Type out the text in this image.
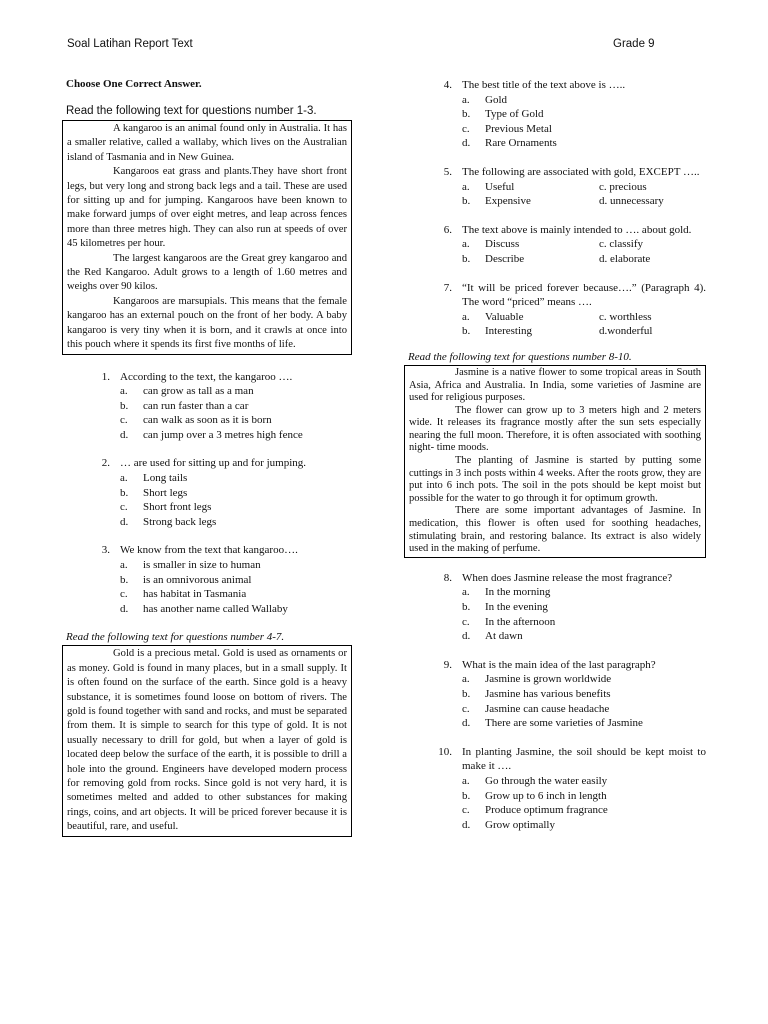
Soal Latihan Report Text	Grade 9
Choose One Correct Answer.
Read the following text for questions number 1-3.

A kangaroo is an animal found only in Australia. It has a smaller relative, called a wallaby, which lives on the Australian island of Tasmania and in New Guinea.

Kangaroos eat grass and plants.They have short front legs, but very long and strong back legs and a tail. These are used for sitting up and for jumping. Kangaroos have been known to make forward jumps of over eight metres, and leap across fences more than three metres high. They can also run at speeds of over 45 kilometres per hour.

The largest kangaroos are the Great grey kangaroo and the Red Kangaroo. Adult grows to a length of 1.60 metres and weighs over 90 kilos.

Kangaroos are marsupials. This means that the female kangaroo has an external pouch on the front of her body. A baby kangaroo is very tiny when it is born, and it crawls at once into this pouch where it spends its first five months of life.

1. According to the text, the kangaroo ….
a.	can grow as tall as a man
b.	can run faster than a car
c.	can walk as soon as it is born
d.	can jump over a 3 metres high fence
2. … are used for sitting up and for jumping.
a.	Long tails
b.	Short legs
c.	Short front legs
d.	Strong back legs
3. We know from the text that kangaroo….
a.	is smaller in size to human
b.	is an omnivorous animal
c.	has habitat in Tasmania
d.	has another name called Wallaby
Read the following text for questions number 4-7.

Gold is a precious metal. Gold is used as ornaments or as money. Gold is found in many places, but in a small supply. It is often found on the surface of the earth. Since gold is a heavy substance, it is sometimes found loose on bottom of rivers. The gold is found together with sand and rocks, and must be separated from them. It is simple to search for this type of gold. It is not usually necessary to drill for gold, but when a layer of gold is located deep below the surface of the earth, it is possible to drill a hole into the ground. Engineers have developed modern process for removing gold from rocks. Since gold is not very hard, it is sometimes melted and added to other substances for making rings, coins, and art objects. It will be priced forever because it is beautiful, rare, and useful.

4. The best title of the text above is …..
a.	Gold
b.	Type of Gold
c.	Previous Metal
d.	Rare Ornaments
5. The following are associated with gold, EXCEPT …..
a.	Useful	c. precious
b.	Expensive	d. unnecessary
6. The text above is mainly intended to …. about gold.
a.	Discuss	c. classify
b.	Describe	d. elaborate
7. “It will be priced forever because….” (Paragraph 4). The word “priced” means ….
a.	Valuable	c. worthless
b.	Interesting	d.wonderful
Read the following text for questions number 8-10.

Jasmine is a native flower to some tropical areas in South Asia, Africa and Australia. In India, some varieties of Jasmine are used for religious purposes.

The flower can grow up to 3 meters high and 2 meters wide. It releases its fragrance mostly after the sun sets especially nearing the full moon. Therefore, it is often associated with soothing night- time moods.

The planting of Jasmine is started by putting some cuttings in 3 inch posts within 4 weeks. After the roots grow, they are put into 6 inch pots. The soil in the pots should be kept moist but possible for the water to go through it for optimum growth.

There are some important advantages of Jasmine. In medication, this flower is often used for soothing headaches, stimulating brain, and restoring balance. Its extract is also widely used in the making of perfume.

8. When does Jasmine release the most fragrance?
a.	In the morning
b.	In the evening
c.	In the afternoon
d.	At dawn
9. What is the main idea of the last paragraph?
a.	Jasmine is grown worldwide
b.	Jasmine has various benefits
c.	Jasmine can cause headache
d.	There are some varieties of Jasmine
10. In planting Jasmine, the soil should be kept moist to make it ….
a.	Go through the water easily
b.	Grow up to 6 inch in length
c.	Produce optimum fragrance
d.	Grow optimally
